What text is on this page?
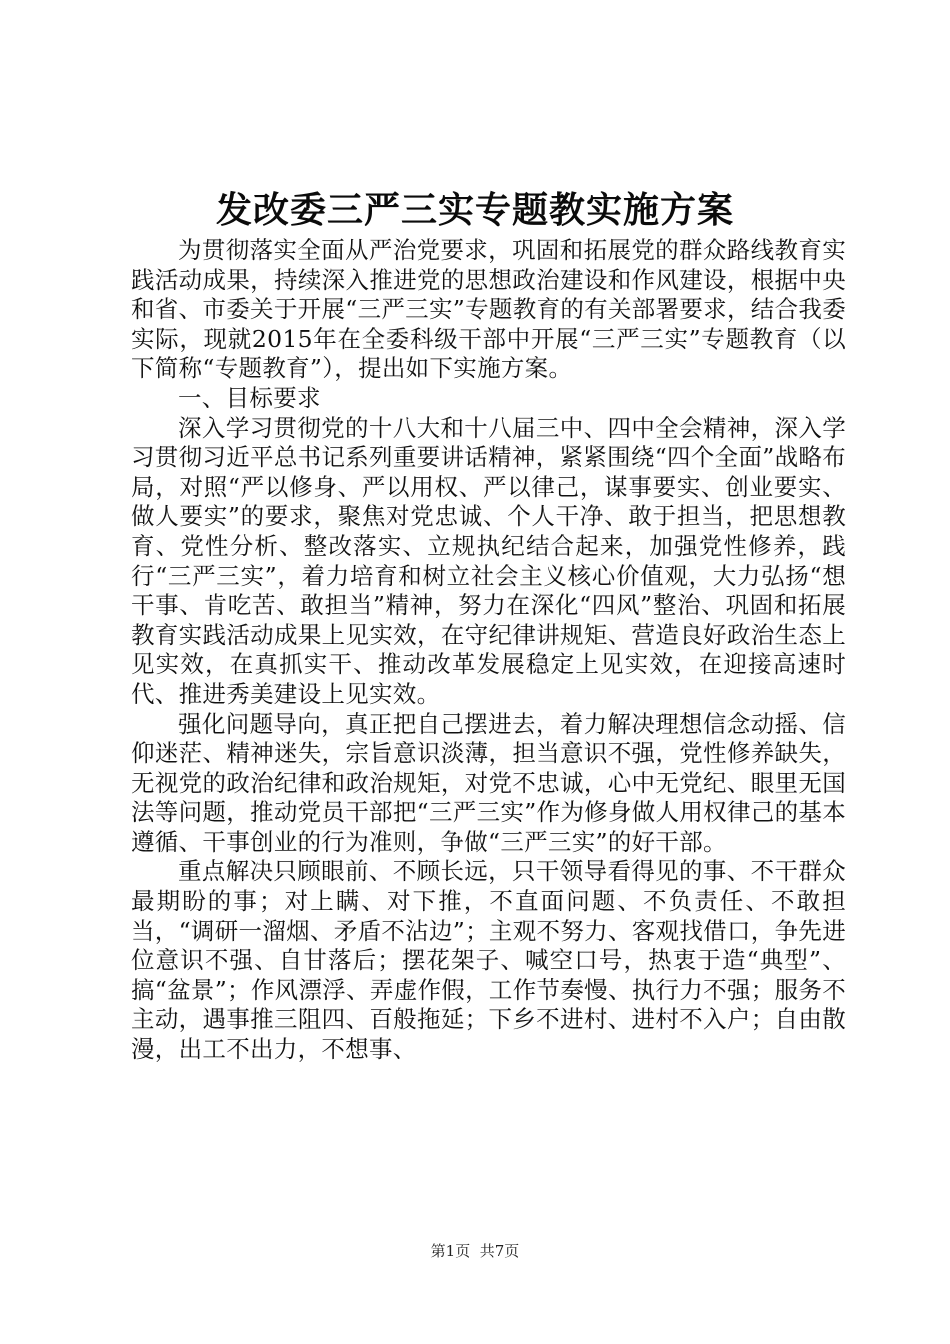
发改委三严三实专题教实施方案

为贯彻落实全面从严治党要求，巩固和拓展党的群众路线教育实践活动成果，持续深入推进党的思想政治建设和作风建设，根据中央和省、市委关于开展“三严三实”专题教育的有关部署要求，结合我委实际，现就2015年在全委科级干部中开展“三严三实”专题教育（以下简称“专题教育”），提出如下实施方案。

一、目标要求

深入学习贯彻党的十八大和十八届三中、四中全会精神，深入学习贯彻习近平总书记系列重要讲话精神，紧紧围绕“四个全面”战略布局，对照“严以修身、严以用权、严以律己，谋事要实、创业要实、做人要实”的要求，聚焦对党忠诚、个人干净、敢于担当，把思想教育、党性分析、整改落实、立规执纪结合起来，加强党性修养，践行“三严三实”，着力培育和树立社会主义核心价值观，大力弘扬“想干事、肯吃苦、敢担当”精神，努力在深化“四风”整治、巩固和拓展教育实践活动成果上见实效，在守纪律讲规矩、营造良好政治生态上见实效，在真抓实干、推动改革发展稳定上见实效，在迎接高速时代、推进秀美建设上见实效。

强化问题导向，真正把自己摆进去，着力解决理想信念动摇、信仰迷茫、精神迷失，宗旨意识淡薄，担当意识不强，党性修养缺失，无视党的政治纪律和政治规矩，对党不忠诚，心中无党纪、眼里无国法等问题，推动党员干部把“三严三实”作为修身做人用权律己的基本遵循、干事创业的行为准则，争做“三严三实”的好干部。

重点解决只顾眼前、不顾长远，只干领导看得见的事、不干群众最期盼的事；对上瞒、对下推，不直面问题、不负责任、不敢担当，“调研一溜烟、矛盾不沾边”；主观不努力、客观找借口，争先进位意识不强、自甘落后；摆花架子、喊空口号，热衷于造“典型”、搞“盆景”；作风漂浮、弄虚作假，工作节奏慢、执行力不强；服务不主动，遇事推三阻四、百般拖延；下乡不进村、进村不入户；自由散漫，出工不出力，不想事、

第1页 共7页
